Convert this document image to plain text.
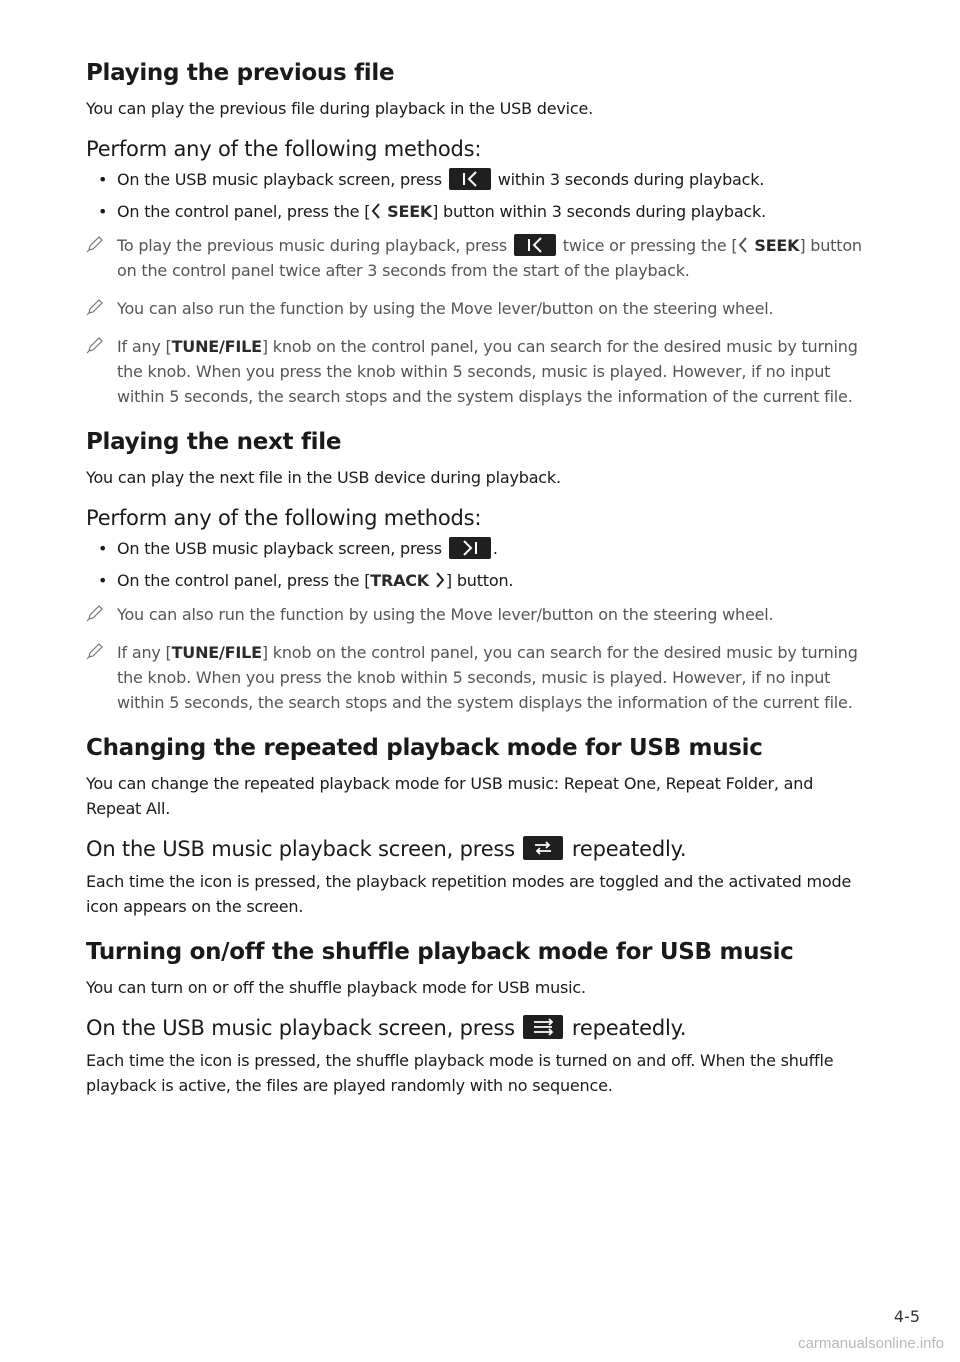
Playing the previous file

You can play the previous file during playback in the USB device.

Perform any of the following methods:
• On the USB music playback screen, press	within 3 seconds during playback.
• On the control panel, press the [ SEEK] button within 3 seconds during playback.
To play the previous music during playback, press	twice or pressing the [ SEEK] button on the control panel twice after 3 seconds from the start of the playback.
You can also run the function by using the Move lever/button on the steering wheel.
If any [TUNE/FILE] knob on the control panel, you can search for the desired music by turning the knob. When you press the knob within 5 seconds, music is played. However, if no input within 5 seconds, the search stops and the system displays the information of the current file.
Playing the next file

You can play the next file in the USB device during playback.

Perform any of the following methods:
• On the USB music playback screen, press	.
• On the control panel, press the [TRACK ] button.
You can also run the function by using the Move lever/button on the steering wheel.
If any [TUNE/FILE] knob on the control panel, you can search for the desired music by turning the knob. When you press the knob within 5 seconds, music is played. However, if no input within 5 seconds, the search stops and the system displays the information of the current file.
Changing the repeated playback mode for USB music

You can change the repeated playback mode for USB music: Repeat One, Repeat Folder, and Repeat All.

On the USB music playback screen, press	repeatedly.

Each time the icon is pressed, the playback repetition modes are toggled and the activated mode icon appears on the screen.

Turning on/off the shuffle playback mode for USB music

You can turn on or off the shuffle playback mode for USB music.

On the USB music playback screen, press	repeatedly.

Each time the icon is pressed, the shuffle playback mode is turned on and off. When the shuffle playback is active, the files are played randomly with no sequence.

4-5
carmanualsonline.info
